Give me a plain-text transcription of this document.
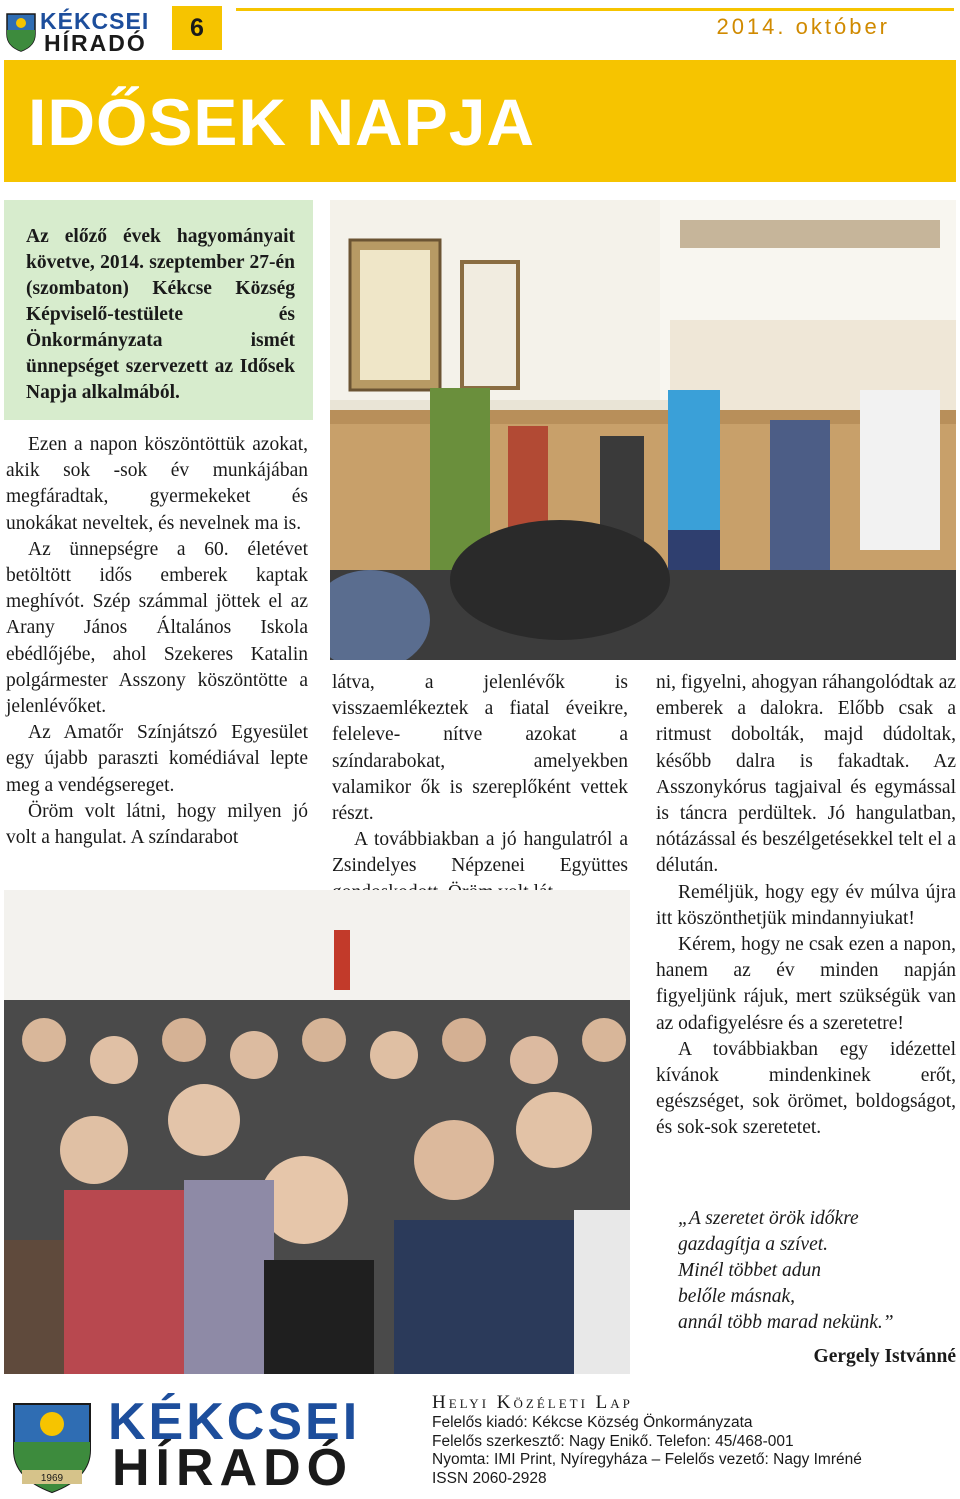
KÉKCSEI
HÍRADÓ
6	2014. október
IDŐSEK NAPJA

Az előző évek hagyományait követve, 2014. szeptember 27-én (szombaton) Kékcse Község Képviselő-testülete és Önkormányzata ismét ünnepséget szervezett az Idősek Napja alkalmából.

Ezen a napon köszöntöttük azokat, akik sok -sok év munkájában megfáradtak, gyermekeket és unokákat neveltek, és nevelnek ma is.

Az ünnepségre a 60. életévet betöltött idős emberek kaptak meghívót. Szép számmal jöttek el az Arany János Általános Iskola ebédlőjébe, ahol Szekeres Katalin polgármester Asszony köszöntötte a jelenlévőket.

Az Amatőr Színjátszó Egyesület egy újabb paraszti komédiával lepte meg a vendégsereget.

Öröm volt látni, hogy milyen jó volt a hangulat. A színdarabot

látva, a jelenlévők is visszaemlékeztek a fiatal éveikre, feleleve- nítve azokat a színdarabokat, amelyekben valamikor ők is szereplőként vettek részt.

A továbbiakban a jó hangulatról a Zsindelyes Népzenei Együttes

ni, figyelni, ahogyan ráhangolódtak az emberek a dalokra. Előbb csak a ritmust dobolták, majd dúdoltak, később dalra is fakadtak. Az Asszonykórus tagjaival és egymással is táncra perdültek. Jó hangulatban, nótázással és beszélgetésekkel telt el a délután.

Reméljük, hogy egy év múlva újra itt köszönthetjük mindannyiukat!

Kérem, hogy ne csak ezen a napon, hanem az év minden napján figyeljünk rájuk, mert szükségük van az odafigyelésre és a szeretetre!

A továbbiakban egy idézettel kívánok mindenkinek erőt, egészséget, sok örömet, boldogságot, és sok-sok szeretetet.

„A szeretet örök időkre
gazdagítja a szívet.
Minél többet adun
belőle másnak,
annál több marad nekünk.”
Gergely Istvánné
1969
KÉKCSEI
HÍRADÓ
Helyi Közéleti Lap
Felelős kiadó: Kékcse Község Önkormányzata
Felelős szerkesztő: Nagy Enikő. Telefon: 45/468-001
Nyomta: IMI Print, Nyíregyháza – Felelős vezető: Nagy Imréné
ISSN 2060-2928
